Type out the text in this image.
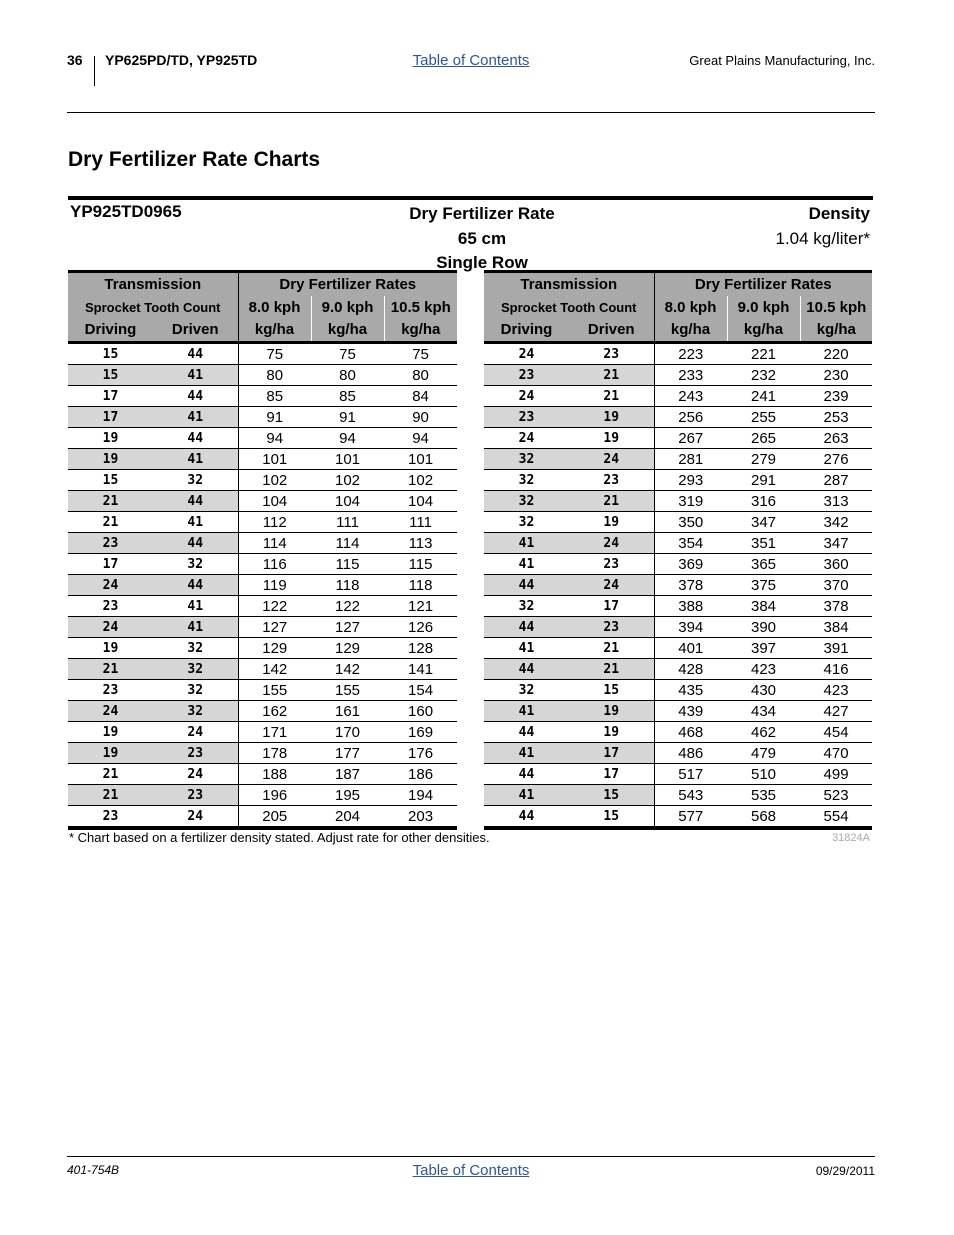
36 YP625PD/TD, YP925TD	Table of Contents	Great Plains Manufacturing, Inc.
Dry Fertilizer Rate Charts
YP925TD0965	Dry Fertilizer Rate
65 cm
Single Row
Density
1.04 kg/liter*
Transmission		Dry Fertilizer Rates		
Sprocket Tooth Count		8.0 kph	9.0 kph	10.5 kph
Driving	Driven	kg/ha	kg/ha	kg/ha
15	44	75	75	75
15	41	80	80	80
17	44	85	85	84
17	41	91	91	90
19	44	94	94	94
19	41	101	101	101
15	32	102	102	102
21	44	104	104	104
21	41	112	111	111
23	44	114	114	113
17	32	116	115	115
24	44	119	118	118
23	41	122	122	121
24	41	127	127	126
19	32	129	129	128
21	32	142	142	141
23	32	155	155	154
24	32	162	161	160
19	24	171	170	169
19	23	178	177	176
21	24	188	187	186
21	23	196	195	194
23	24	205	204	203
Transmission		Dry Fertilizer Rates		
Sprocket Tooth Count		8.0 kph	9.0 kph	10.5 kph
Driving	Driven	kg/ha	kg/ha	kg/ha
24	23	223	221	220
23	21	233	232	230
24	21	243	241	239
23	19	256	255	253
24	19	267	265	263
32	24	281	279	276
32	23	293	291	287
32	21	319	316	313
32	19	350	347	342
41	24	354	351	347
41	23	369	365	360
44	24	378	375	370
32	17	388	384	378
44	23	394	390	384
41	21	401	397	391
44	21	428	423	416
32	15	435	430	423
41	19	439	434	427
44	19	468	462	454
41	17	486	479	470
44	17	517	510	499
41	15	543	535	523
44	15	577	568	554
* Chart based on a fertilizer density stated. Adjust rate for other densities.	31824A
401-754B	Table of Contents	09/29/2011
